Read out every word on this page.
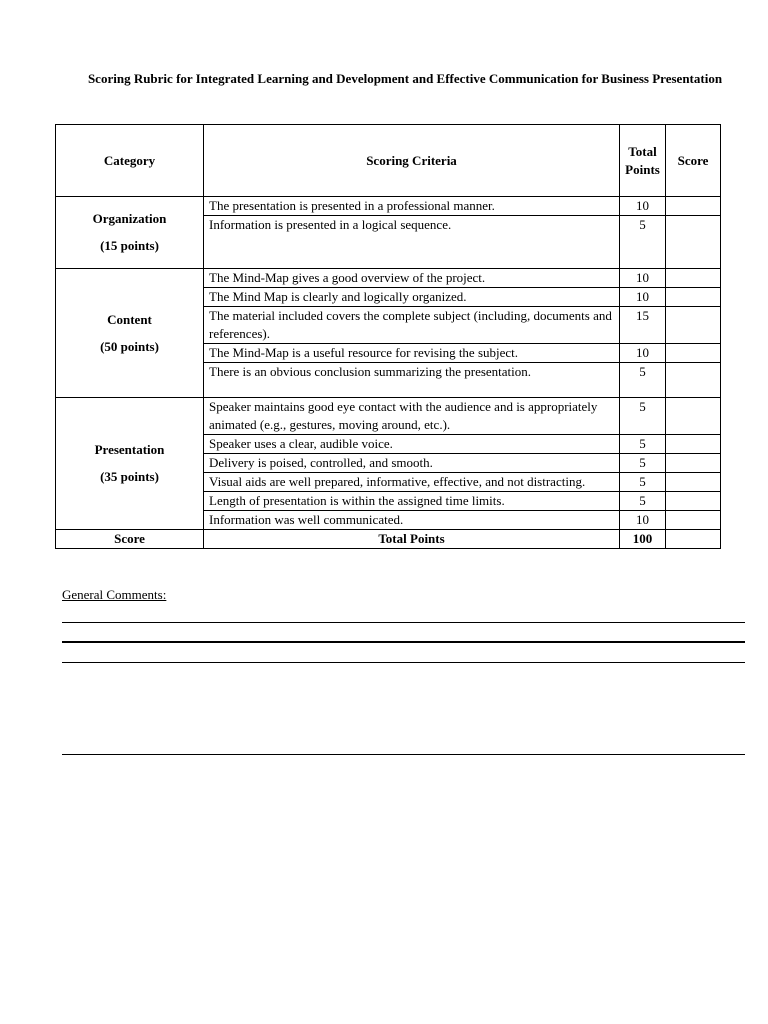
Scoring Rubric for Integrated Learning and Development and Effective Communication for Business Presentation
Category	Scoring Criteria	Total Points	Score

Organization
(15 points)	The presentation is presented in a professional manner.	10	
	Information is presented in a logical sequence.	5	

Content
(50 points)	The Mind-Map gives a good overview of the project.	10	
	The Mind Map is clearly and logically organized.	10	
	The material included covers the complete subject (including, documents and references).	15	
	The Mind-Map is a useful resource for revising the subject.	10	
	There is an obvious conclusion summarizing the presentation.	5	

Presentation
(35 points)	Speaker maintains good eye contact with the audience and is appropriately animated (e.g., gestures, moving around, etc.).	5	
	Speaker uses a clear, audible voice.	5	
	Delivery is poised, controlled, and smooth.	5	
	Visual aids are well prepared, informative, effective, and not distracting.	5	
	Length of presentation is within the assigned time limits.	5	
	Information was well communicated.	10	
Score	Total Points	100	
General Comments:
